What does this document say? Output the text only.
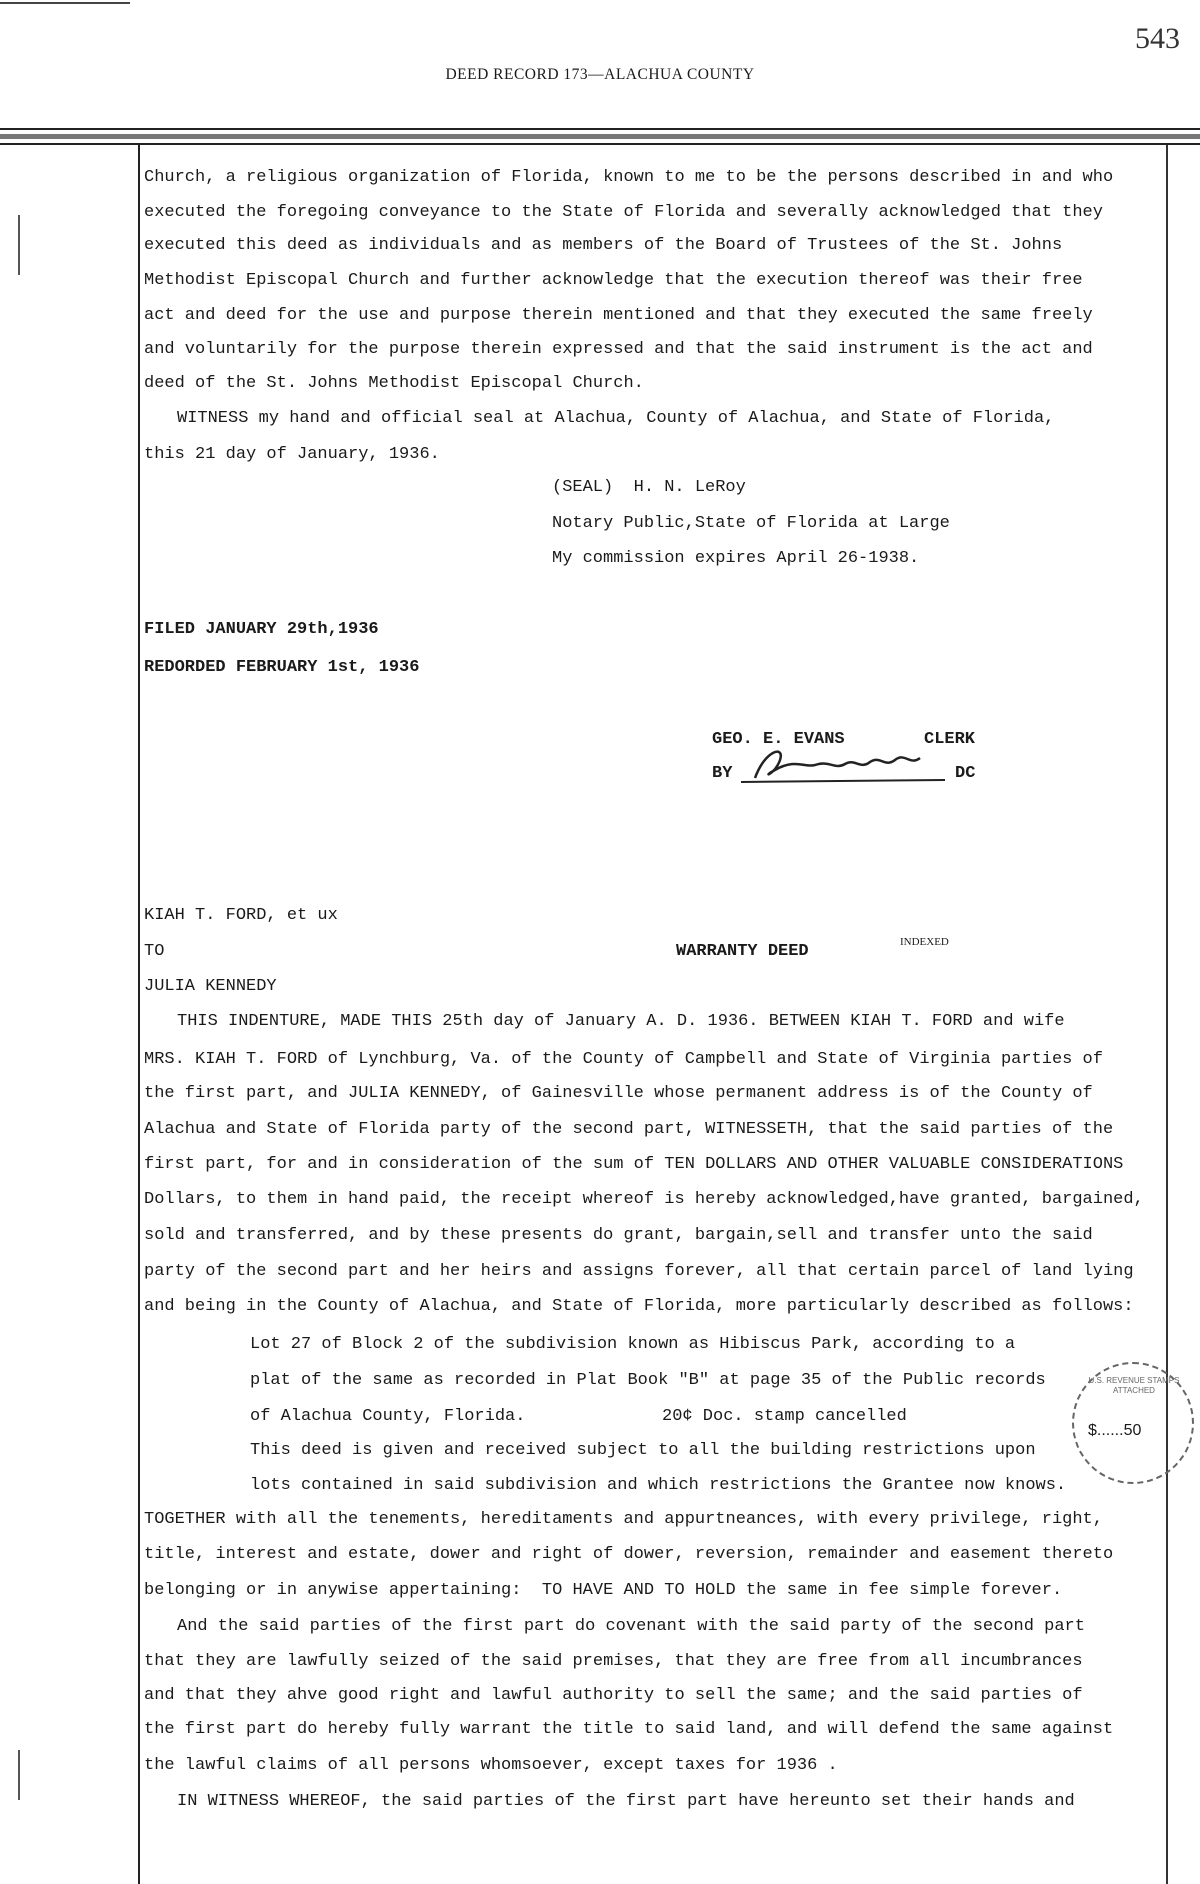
543
DEED RECORD 173—ALACHUA COUNTY
Church, a religious organization of Florida, known to me to be the persons described in and who
executed the foregoing conveyance to the State of Florida and severally acknowledged that they
executed this deed as individuals and as members of the Board of Trustees of the St. Johns
Methodist Episcopal Church and further acknowledge that the execution thereof was their free
act and deed for the use and purpose therein mentioned and that they executed the same freely
and voluntarily for the purpose therein expressed and that the said instrument is the act and
deed of the St. Johns Methodist Episcopal Church.
WITNESS my hand and official seal at Alachua, County of Alachua, and State of Florida,
this 21 day of January, 1936.
(SEAL)  H. N. LeRoy
Notary Public,State of Florida at Large
My commission expires April 26-1938.
FILED JANUARY 29th,1936
REDORDED FEBRUARY 1st, 1936
GEO. E. EVANS	CLERK
BY	DC
KIAH T. FORD, et ux
TO	WARRANTY DEED	INDEXED
JULIA KENNEDY
THIS INDENTURE, MADE THIS 25th day of January A. D. 1936. BETWEEN KIAH T. FORD and wife
MRS. KIAH T. FORD of Lynchburg, Va. of the County of Campbell and State of Virginia parties of
the first part, and JULIA KENNEDY, of Gainesville whose permanent address is of the County of
Alachua and State of Florida party of the second part, WITNESSETH, that the said parties of the
first part, for and in consideration of the sum of TEN DOLLARS AND OTHER VALUABLE CONSIDERATIONS
Dollars, to them in hand paid, the receipt whereof is hereby acknowledged,have granted, bargained,
sold and transferred, and by these presents do grant, bargain,sell and transfer unto the said
party of the second part and her heirs and assigns forever, all that certain parcel of land lying
and being in the County of Alachua, and State of Florida, more particularly described as follows:
Lot 27 of Block 2 of the subdivision known as Hibiscus Park, according to a
plat of the same as recorded in Plat Book "B" at page 35 of the Public records
of Alachua County, Florida.	20¢ Doc. stamp cancelled
This deed is given and received subject to all the building restrictions upon
lots contained in said subdivision and which restrictions the Grantee now knows.
TOGETHER with all the tenements, hereditaments and appurtneances, with every privilege, right,
title, interest and estate, dower and right of dower, reversion, remainder and easement thereto
belonging or in anywise appertaining:  TO HAVE AND TO HOLD the same in fee simple forever.
And the said parties of the first part do covenant with the said party of the second part
that they are lawfully seized of the said premises, that they are free from all incumbrances
and that they ahve good right and lawful authority to sell the same; and the said parties of
the first part do hereby fully warrant the title to said land, and will defend the same against
the lawful claims of all persons whomsoever, except taxes for 1936 .
IN WITNESS WHEREOF, the said parties of the first part have hereunto set their hands and
U.S. REVENUE STAMPS ATTACHED
$......50
